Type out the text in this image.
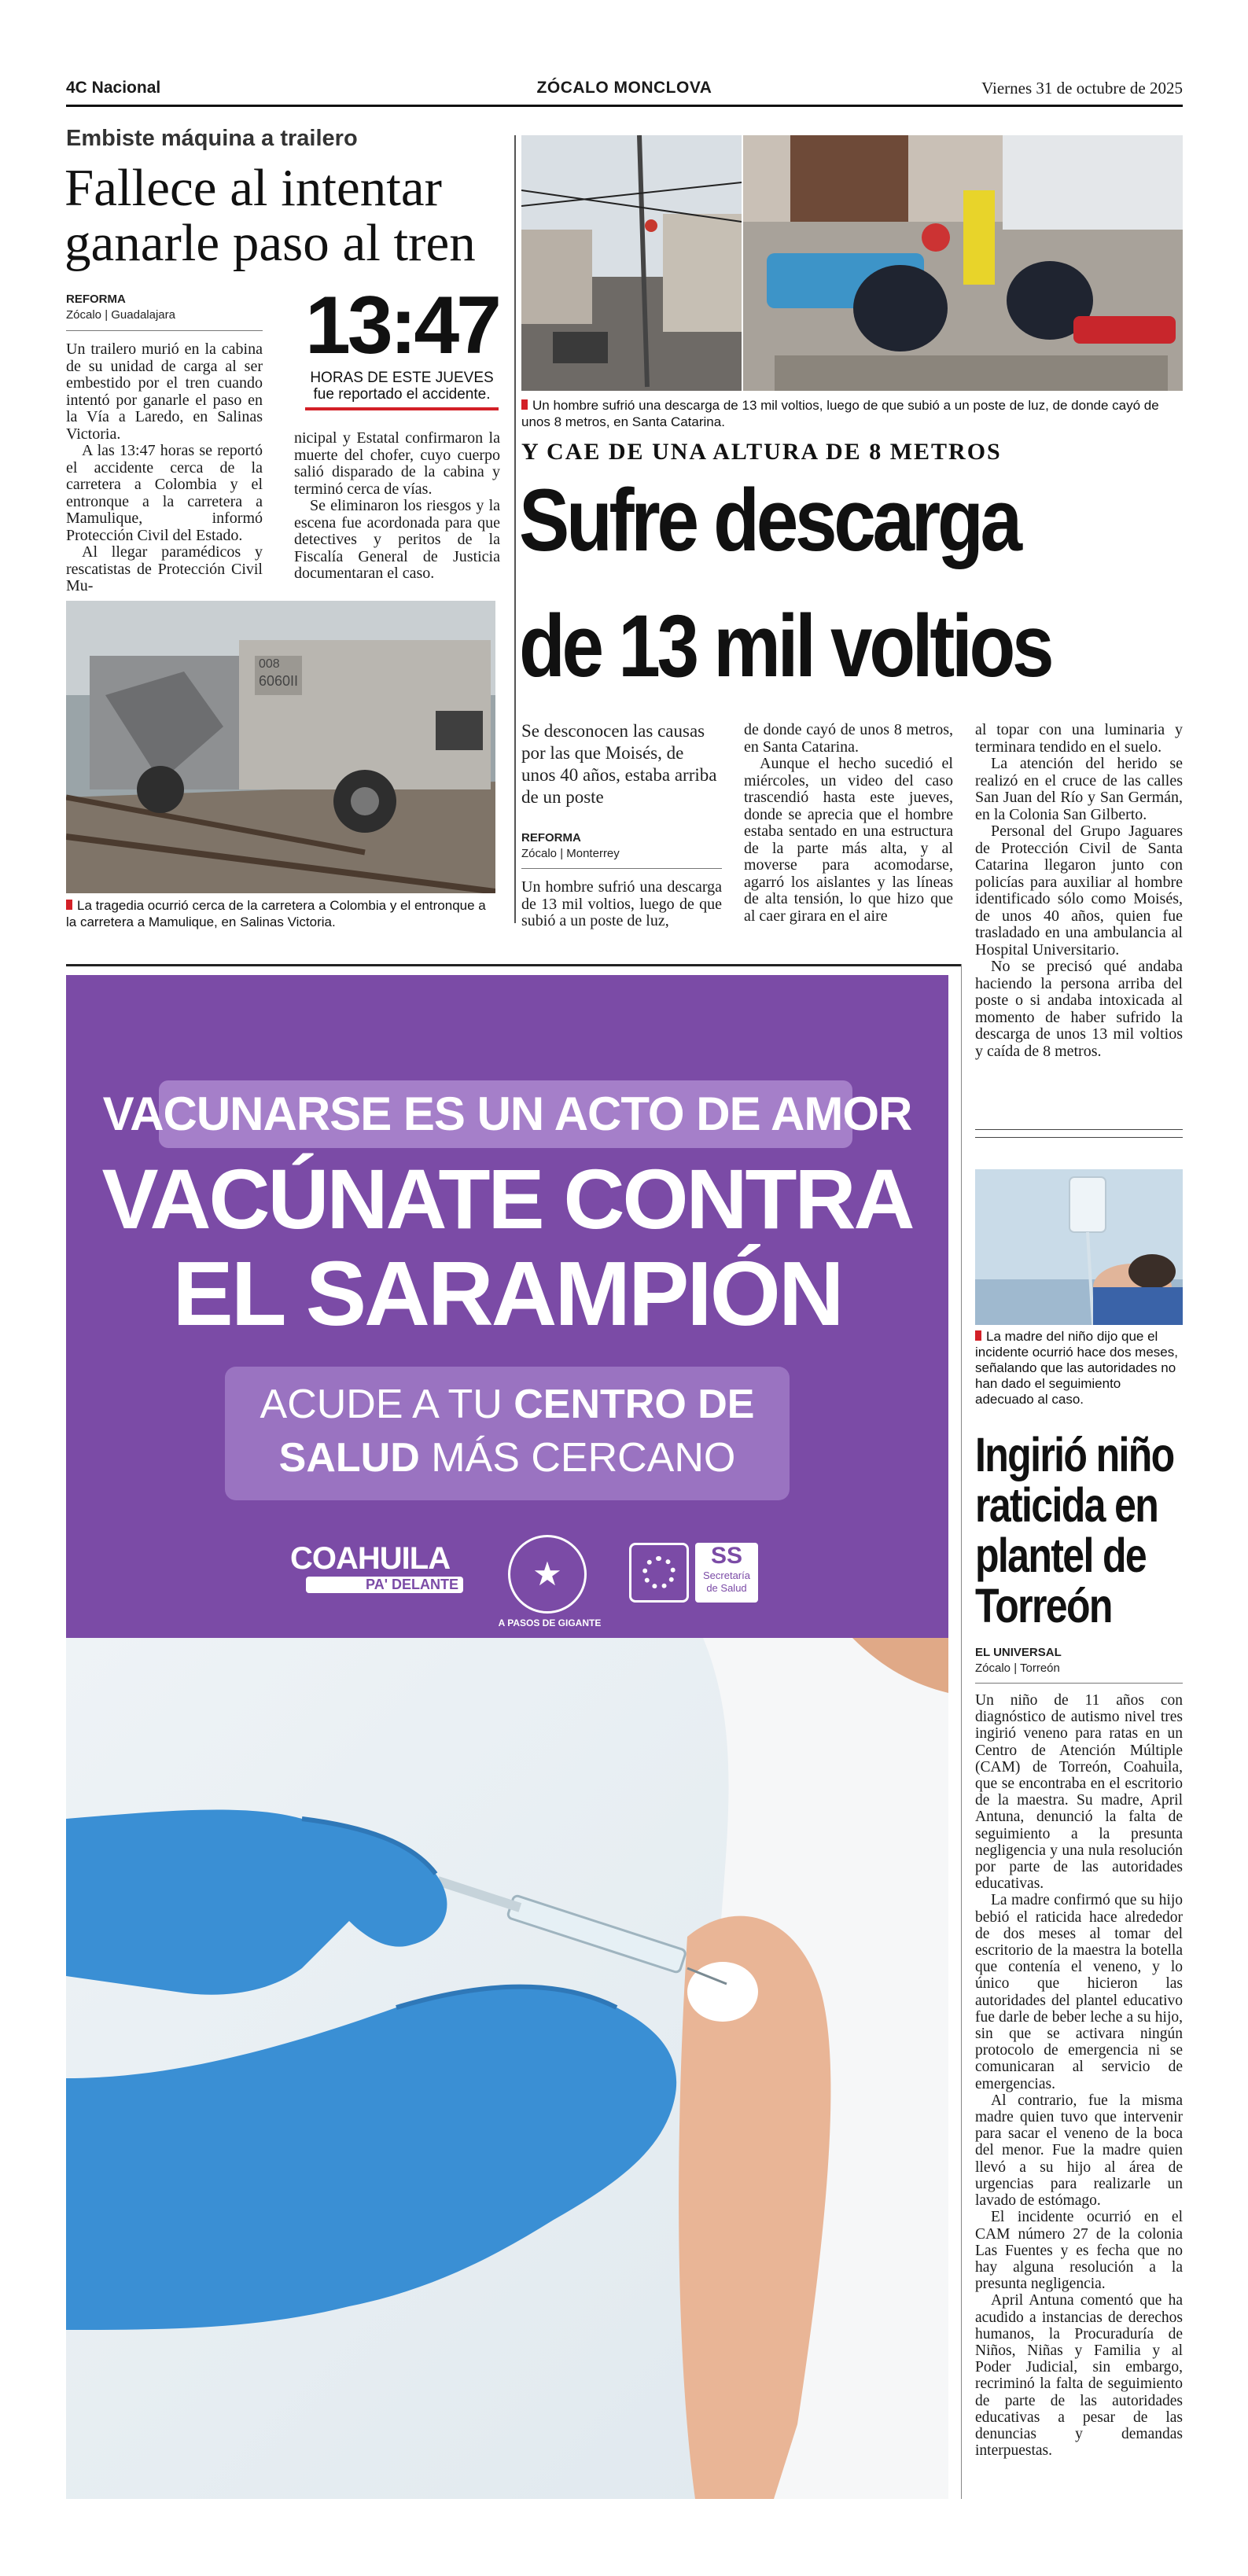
4C Nacional	ZÓCALO MONCLOVA	Viernes 31 de octubre de 2025
Embiste máquina a trailero
Fallece al intentar
ganarle paso al tren
REFORMA
Zócalo | Guadalajara	13:47
HORAS DE ESTE JUEVES
fue reportado el accidente.

Un trailero murió en la cabina de su unidad de carga al ser embestido por el tren cuando intentó por ganarle el paso en la Vía a Laredo, en Salinas Victoria.

A las 13:47 horas se reportó el accidente cerca de la carretera a Colombia y el entronque a la carretera a Mamulique, informó Protección Civil del Estado.

Al llegar paramédicos y rescatistas de Protección Civil Mu-

nicipal y Estatal confirmaron la muerte del chofer, cuyo cuerpo salió disparado de la cabina y terminó cerca de vías.

Se eliminaron los riesgos y la escena fue acordonada para que detectives y peritos de la Fiscalía General de Justicia documentaran el caso.

008
6060II
La tragedia ocurrió cerca de la carretera a Colombia y el entronque a la carretera a Mamulique, en Salinas Victoria.
Un hombre sufrió una descarga de 13 mil voltios, luego de que subió a un poste de luz, de donde cayó de unos 8 metros, en Santa Catarina.
Y CAE DE UNA ALTURA DE 8 METROS
Sufre descarga
de 13 mil voltios
Se desconocen las causas por las que Moisés, de unos 40 años, estaba arriba de un poste
REFORMA
Zócalo | Monterrey

Un hombre sufrió una descarga de 13 mil voltios, luego de que subió a un poste de luz,

de donde cayó de unos 8 metros, en Santa Catarina.

Aunque el hecho sucedió el miércoles, un video del caso trascendió hasta este jueves, donde se aprecia que el hombre estaba sentado en una estructura de la parte más alta, y al moverse para acomodarse, agarró los aislantes y las líneas de alta tensión, lo que hizo que al caer girara en el aire

al topar con una luminaria y terminara tendido en el suelo.

La atención del herido se realizó en el cruce de las calles San Juan del Río y San Germán, en la Colonia San Gilberto.

Personal del Grupo Jaguares de Protección Civil de Santa Catarina llegaron junto con policías para auxiliar al hombre identificado sólo como Moisés, de unos 40 años, quien fue trasladado en una ambulancia al Hospital Universitario.

No se precisó qué andaba haciendo la persona arriba del poste o si andaba intoxicada al momento de haber sufrido la descarga de unos 13 mil voltios y caída de 8 metros.

VACUNARSE ES UN ACTO DE AMOR
VACÚNATE CONTRA
EL SARAMPIÓN
ACUDE A TU CENTRO DE
SALUD MÁS CERCANO
COAHUILA
PA' DELANTE	★
A PASOS DE GIGANTE
SS
Secretaría
de Salud
La madre del niño dijo que el incidente ocurrió hace dos meses, señalando que las autoridades no han dado el seguimiento adecuado al caso.
Ingirió niño
raticida en
plantel de
Torreón
EL UNIVERSAL
Zócalo | Torreón

Un niño de 11 años con diagnóstico de autismo nivel tres ingirió veneno para ratas en un Centro de Atención Múltiple (CAM) de Torreón, Coahuila, que se encontraba en el escritorio de la maestra. Su madre, April Antuna, denunció la falta de seguimiento a la presunta negligencia y una nula resolución por parte de las autoridades educativas.

La madre confirmó que su hijo bebió el raticida hace alrededor de dos meses al tomar del escritorio de la maestra la botella que contenía el veneno, y lo único que hicieron las autoridades del plantel educativo fue darle de beber leche a su hijo, sin que se activara ningún protocolo de emergencia ni se comunicaran al servicio de emergencias.

Al contrario, fue la misma madre quien tuvo que intervenir para sacar el veneno de la boca del menor. Fue la madre quien llevó a su hijo al área de urgencias para realizarle un lavado de estómago.

El incidente ocurrió en el CAM número 27 de la colonia Las Fuentes y es fecha que no hay alguna resolución a la presunta negligencia.

April Antuna comentó que ha acudido a instancias de derechos humanos, la Procuraduría de Niños, Niñas y Familia y al Poder Judicial, sin embargo, recriminó la falta de seguimiento de parte de las autoridades educativas a pesar de las denuncias y demandas interpuestas.
